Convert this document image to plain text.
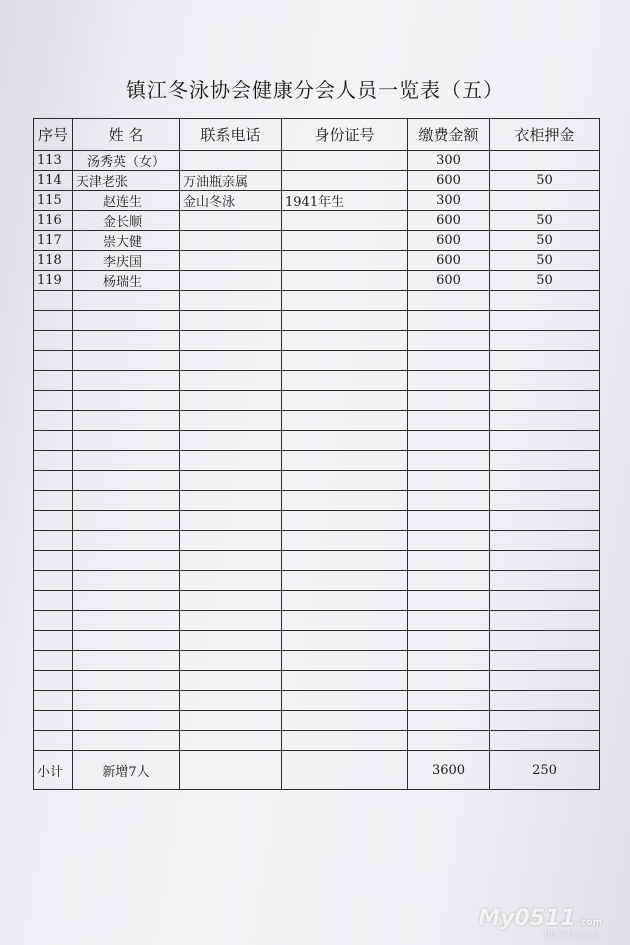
镇江冬泳协会健康分会人员一览表（五）
序号	姓 名	联系电话	身份证号	缴费金额	衣柜押金
113	汤秀英（女）			300	
114	天津老张	万油瓶亲属		600	50
115	赵连生	金山冬泳	1941年生	300	
116	金长顺			600	50
117	崇大健			600	50
118	李庆国			600	50
119	杨瑞生			600	50

小计	新增7人			3600	250
My0511 .com
镇江网友之家
